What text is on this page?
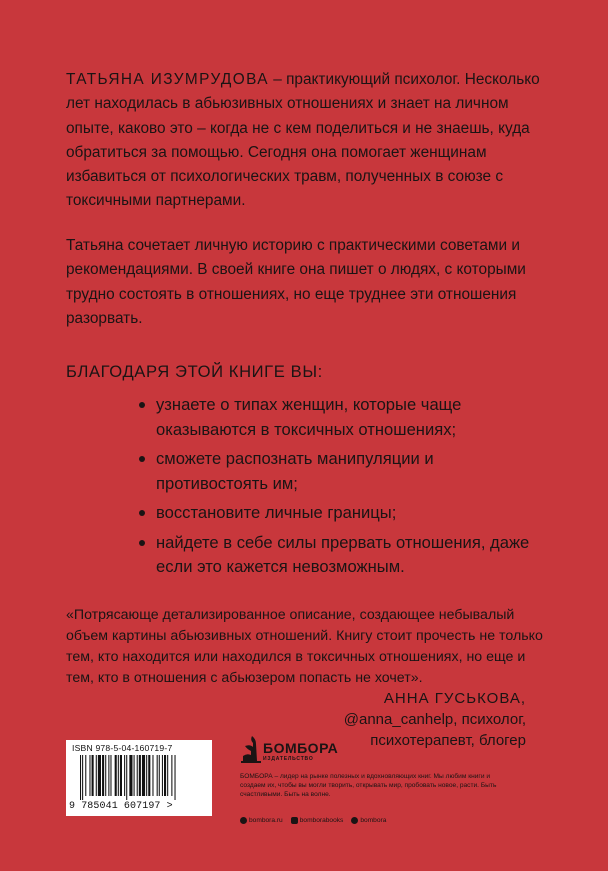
ТАТЬЯНА ИЗУМРУДОВА – практикующий психолог. Несколько лет находилась в абьюзивных отношениях и знает на личном опыте, каково это – когда не с кем поделиться и не знаешь, куда обратиться за помощью. Сегодня она помогает женщинам избавиться от психологических травм, полученных в союзе с токсичными партнерами.

Татьяна сочетает личную историю с практическими советами и рекомендациями. В своей книге она пишет о людях, с которыми трудно состоять в отношениях, но еще труднее эти отношения разорвать.

БЛАГОДАРЯ ЭТОЙ КНИГЕ ВЫ:

узнаете о типах женщин, которые чаще оказываются в токсичных отношениях;
сможете распознать манипуляции и противостоять им;
восстановите личные границы;
найдете в себе силы прервать отношения, даже если это кажется невозможным.

«Потрясающе детализированное описание, создающее небывалый объем картины абьюзивных отношений. Книгу стоит прочесть не только тем, кто находится или находился в токсичных отношениях, но еще и тем, кто в отношения с абьюзером попасть не хочет».

АННА ГУСЬКОВА,
@anna_canhelp, психолог,
психотерапевт, блогер
ISBN 978-5-04-160719-7
9 785041 607197 >
БОМБОРА
ИЗДАТЕЛЬСТВО
БОМБОРА – лидер на рынке полезных и вдохновляющих книг. Мы любим книги и создаем их, чтобы вы могли творить, открывать мир, пробовать новое, расти. Быть счастливыми. Быть на волне.
bombora.ru	bomborabooks	bombora
